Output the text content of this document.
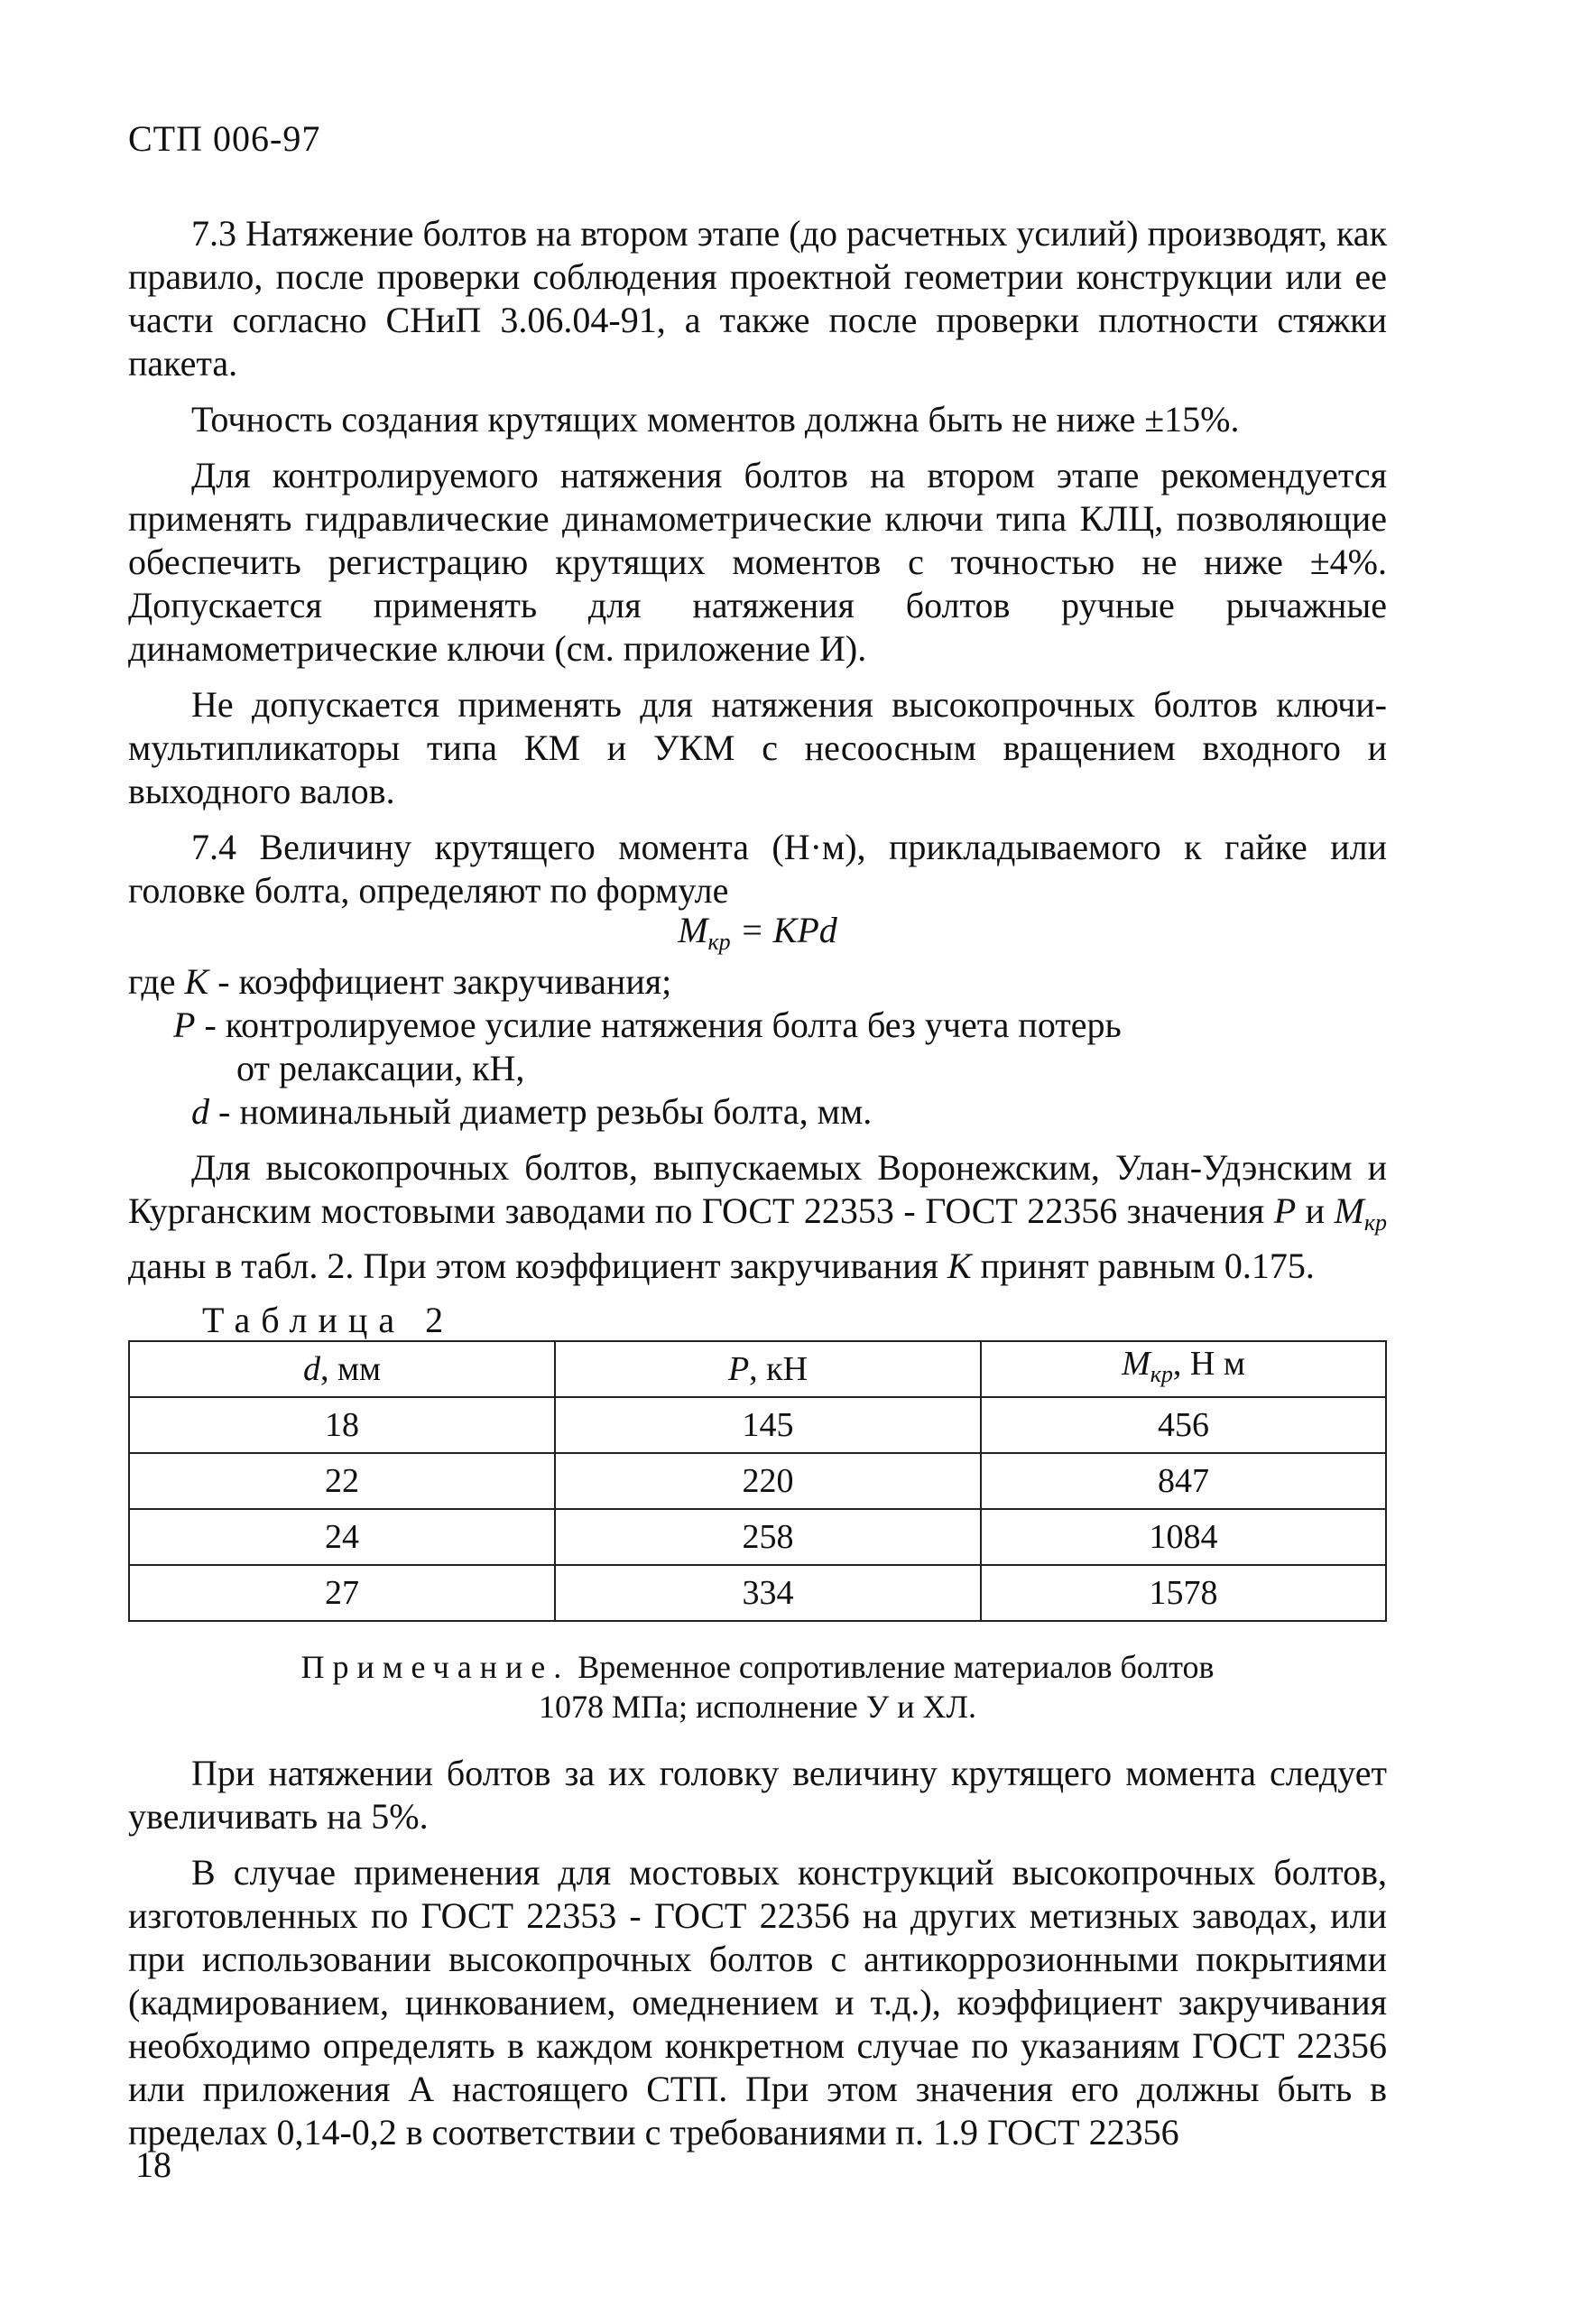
СТП 006-97

7.3 Натяжение болтов на втором этапе (до расчетных усилий) производят, как правило, после проверки соблюдения проектной геометрии конструкции или ее части согласно СНиП 3.06.04-91, а также после проверки плотности стяжки пакета.

Точность создания крутящих моментов должна быть не ниже ±15%.

Для контролируемого натяжения болтов на втором этапе рекомендуется применять гидравлические динамометрические ключи типа КЛЦ, позволяющие обеспечить регистрацию крутящих моментов с точностью не ниже ±4%. Допускается применять для натяжения болтов ручные рычажные динамометрические ключи (см. приложение И).

Не допускается применять для натяжения высокопрочных болтов ключи-мультипликаторы типа КМ и УКМ с несоосным вращением входного и выходного валов.

7.4 Величину крутящего момента (Н·м), прикладываемого к гайке или головке болта, определяют по формуле

$M_{кр}$ = KPd
где K - коэффициент закручивания;
P - контролируемое усилие натяжения болта без учета потерь
от релаксации, кН,
d - номинальный диаметр резьбы болта, мм.

Для высокопрочных болтов, выпускаемых Воронежским, Улан-Удэнским и Курганским мостовыми заводами по ГОСТ 22353 - ГОСТ 22356 значения P и $M_{кр}$ даны в табл. 2. При этом коэффициент закручивания K принят равным 0.175.

Таблица 2
d, мм	P, кН	$M_{кр}$, Н м
18	145	456
22	220	847
24	258	1084
27	334	1578
Примечание. Временное сопротивление материалов болтов
1078 МПа; исполнение У и ХЛ.

При натяжении болтов за их головку величину крутящего момента следует увеличивать на 5%.

В случае применения для мостовых конструкций высокопрочных болтов, изготовленных по ГОСТ 22353 - ГОСТ 22356 на других метизных заводах, или при использовании высокопрочных болтов с антикоррозионными покрытиями (кадмированием, цинкованием, омеднением и т.д.), коэффициент закручивания необходимо определять в каждом конкретном случае по указаниям ГОСТ 22356 или приложения А настоящего СТП. При этом значения его должны быть в пределах 0,14-0,2 в соответствии с требованиями п. 1.9 ГОСТ 22356

18
